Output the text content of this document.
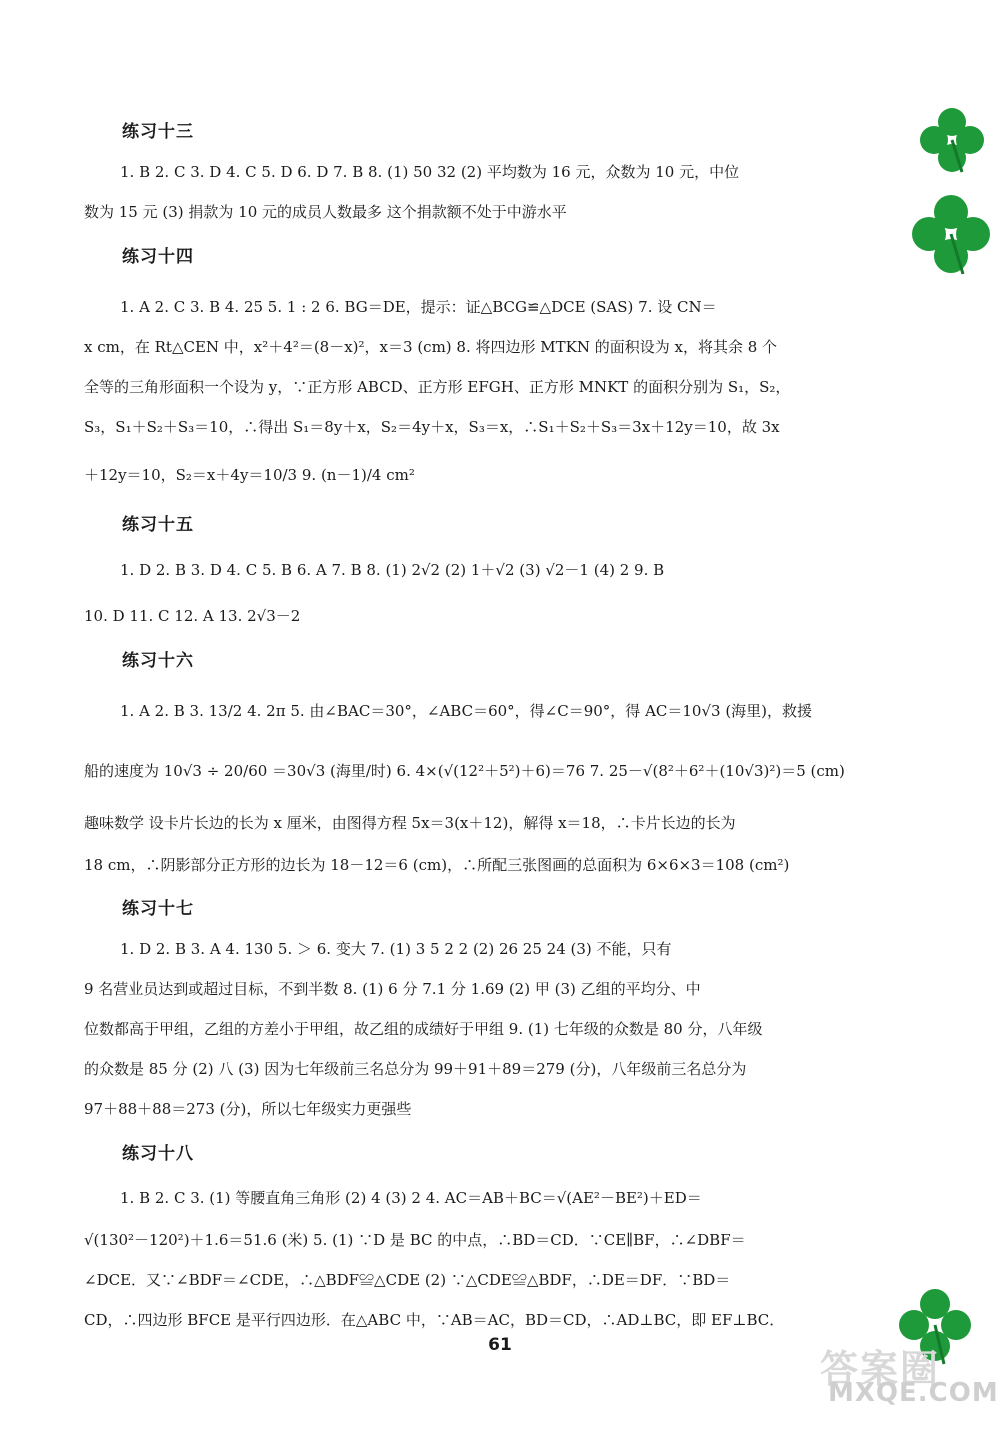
练习十三
1. B 2. C 3. D 4. C 5. D 6. D 7. B 8. (1) 50 32 (2) 平均数为 16 元，众数为 10 元，中位
数为 15 元 (3) 捐款为 10 元的成员人数最多 这个捐款额不处于中游水平
练习十四
1. A 2. C 3. B 4. 25 5. 1 : 2 6. BG＝DE，提示：证△BCG≌△DCE (SAS) 7. 设 CN＝
x cm，在 Rt△CEN 中，x²＋4²＝(8－x)²，x＝3 (cm) 8. 将四边形 MTKN 的面积设为 x，将其余 8 个
全等的三角形面积一个设为 y，∵正方形 ABCD、正方形 EFGH、正方形 MNKT 的面积分别为 S₁，S₂，
S₃，S₁＋S₂＋S₃＝10，∴得出 S₁＝8y＋x，S₂＝4y＋x，S₃＝x，∴S₁＋S₂＋S₃＝3x＋12y＝10，故 3x
＋12y＝10，S₂＝x＋4y＝10/3 9. (n－1)/4 cm²
练习十五
1. D 2. B 3. D 4. C 5. B 6. A 7. B 8. (1) 2√2 (2) 1＋√2 (3) √2－1 (4) 2 9. B
10. D 11. C 12. A 13. 2√3－2
练习十六
1. A 2. B 3. 13/2 4. 2π 5. 由∠BAC＝30°，∠ABC＝60°，得∠C＝90°，得 AC＝10√3 (海里)，救援
船的速度为 10√3 ÷ 20/60 ＝30√3 (海里/时) 6. 4×(√(12²＋5²)＋6)＝76 7. 25－√(8²＋6²＋(10√3)²)＝5 (cm)
趣味数学 设卡片长边的长为 x 厘米，由图得方程 5x＝3(x＋12)，解得 x＝18，∴卡片长边的长为
18 cm，∴阴影部分正方形的边长为 18－12＝6 (cm)，∴所配三张图画的总面积为 6×6×3＝108 (cm²)
练习十七
1. D 2. B 3. A 4. 130 5. ＞ 6. 变大 7. (1) 3 5 2 2 (2) 26 25 24 (3) 不能，只有
9 名营业员达到或超过目标，不到半数 8. (1) 6 分 7.1 分 1.69 (2) 甲 (3) 乙组的平均分、中
位数都高于甲组，乙组的方差小于甲组，故乙组的成绩好于甲组 9. (1) 七年级的众数是 80 分，八年级
的众数是 85 分 (2) 八 (3) 因为七年级前三名总分为 99＋91＋89＝279 (分)，八年级前三名总分为
97＋88＋88＝273 (分)，所以七年级实力更强些
练习十八
1. B 2. C 3. (1) 等腰直角三角形 (2) 4 (3) 2 4. AC＝AB＋BC＝√(AE²－BE²)＋ED＝
√(130²－120²)＋1.6＝51.6 (米) 5. (1) ∵D 是 BC 的中点，∴BD＝CD．∵CE∥BF，∴∠DBF＝
∠DCE．又∵∠BDF＝∠CDE，∴△BDF≌△CDE (2) ∵△CDE≌△BDF，∴DE＝DF．∵BD＝
CD，∴四边形 BFCE 是平行四边形．在△ABC 中，∵AB＝AC，BD＝CD，∴AD⊥BC，即 EF⊥BC．
61
答案圈
MXQE.COM
